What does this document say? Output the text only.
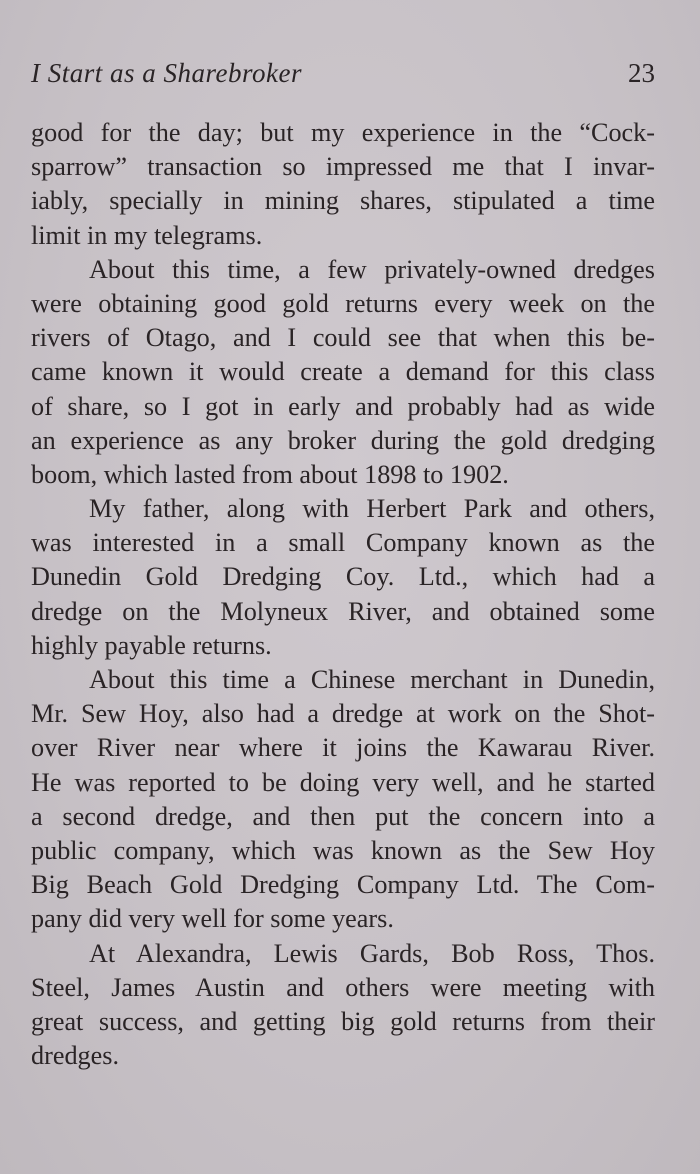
I Start as a Sharebroker	23
good for the day; but my experience in the “Cock-
sparrow” transaction so impressed me that I invar-
iably, specially in mining shares, stipulated a time
limit in my telegrams.
About this time, a few privately-owned dredges
were obtaining good gold returns every week on the
rivers of Otago, and I could see that when this be-
came known it would create a demand for this class
of share, so I got in early and probably had as wide
an experience as any broker during the gold dredging
boom, which lasted from about 1898 to 1902.
My father, along with Herbert Park and others,
was interested in a small Company known as the
Dunedin Gold Dredging Coy. Ltd., which had a
dredge on the Molyneux River, and obtained some
highly payable returns.
About this time a Chinese merchant in Dunedin,
Mr. Sew Hoy, also had a dredge at work on the Shot-
over River near where it joins the Kawarau River.
He was reported to be doing very well, and he started
a second dredge, and then put the concern into a
public company, which was known as the Sew Hoy
Big Beach Gold Dredging Company Ltd. The Com-
pany did very well for some years.
At Alexandra, Lewis Gards, Bob Ross, Thos.
Steel, James Austin and others were meeting with
great success, and getting big gold returns from their
dredges.
